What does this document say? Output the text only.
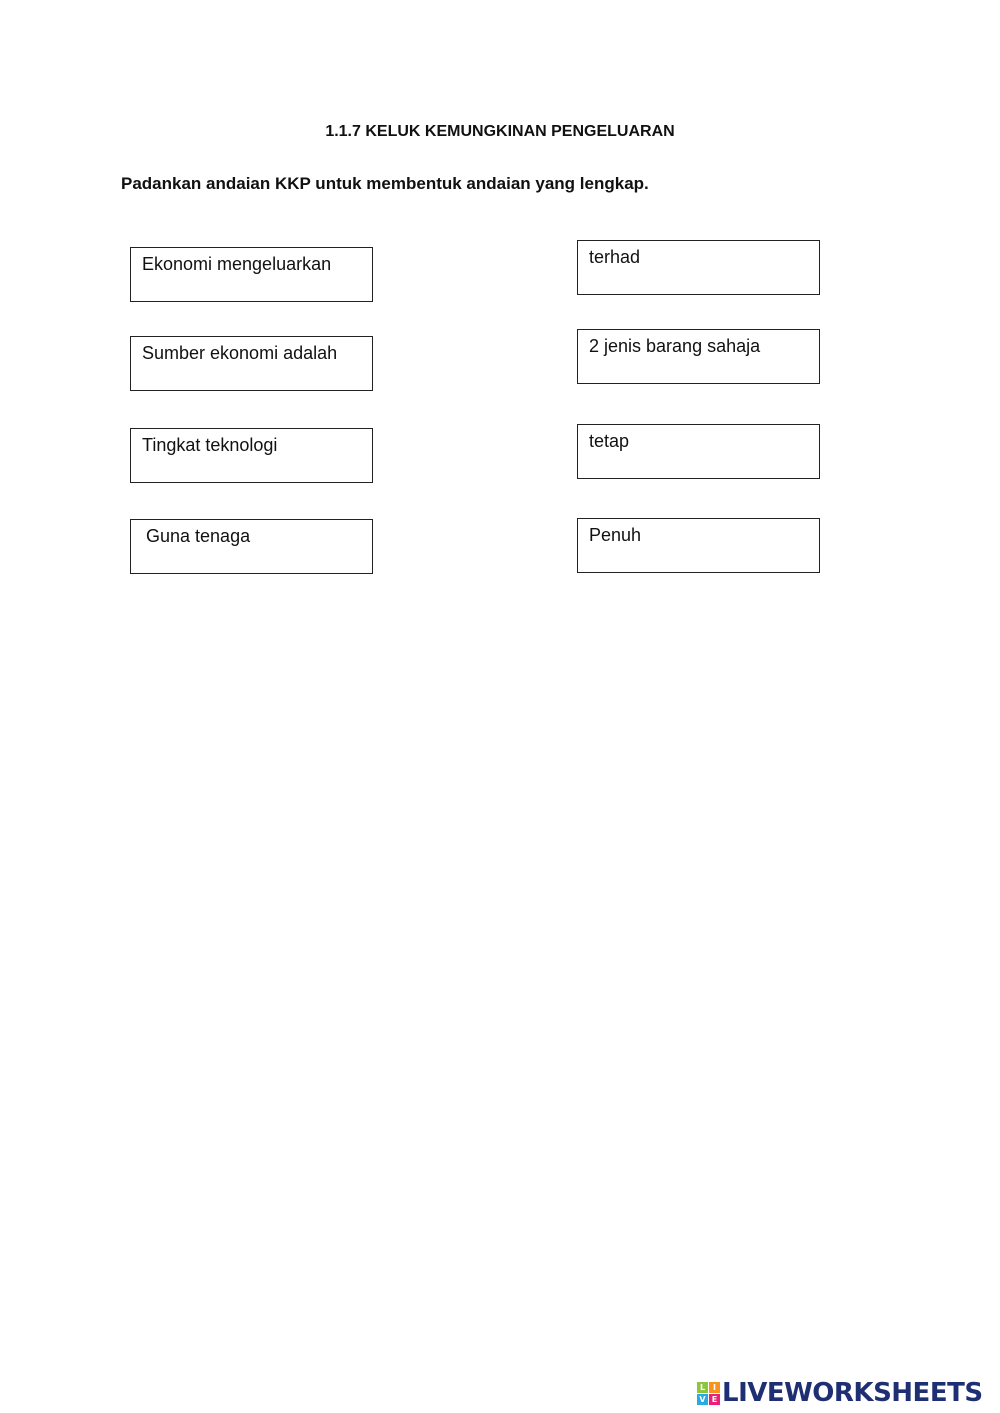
1.1.7 KELUK KEMUNGKINAN PENGELUARAN
Padankan andaian KKP untuk membentuk andaian yang lengkap.
Ekonomi mengeluarkan
Sumber ekonomi adalah
Tingkat teknologi
Guna tenaga
terhad
2 jenis barang sahaja
tetap
Penuh
L I
V E LIVEWORKSHEETS
